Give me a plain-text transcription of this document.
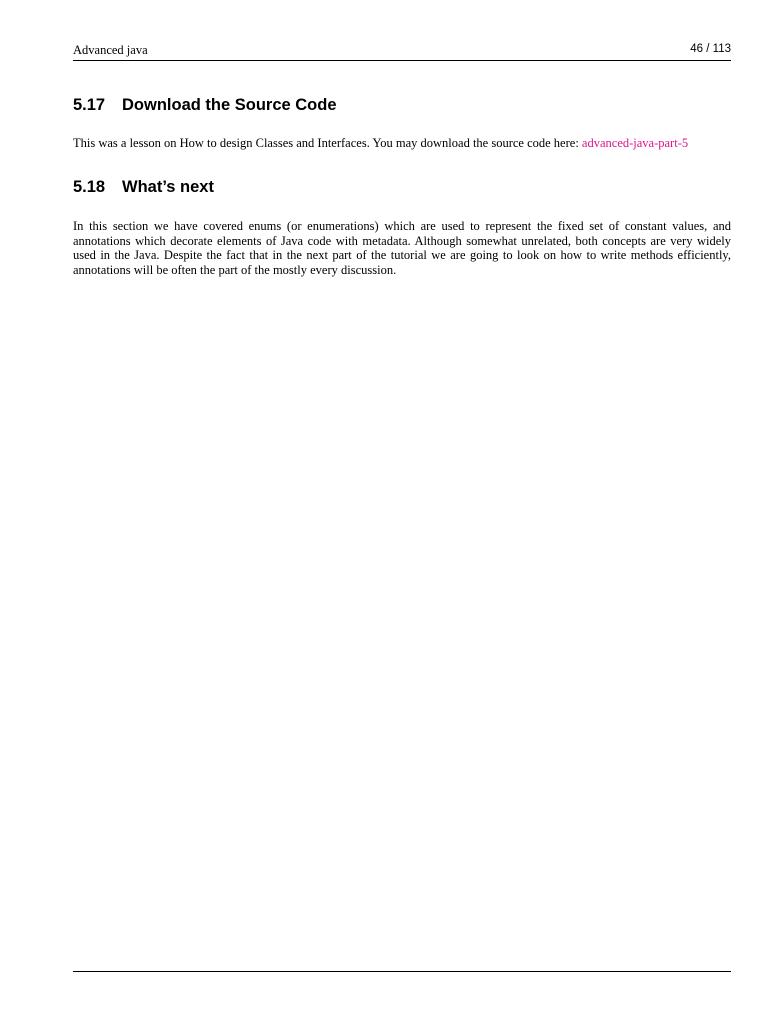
Advanced java	46 / 113
5.17 Download the Source Code
This was a lesson on How to design Classes and Interfaces. You may download the source code here: advanced-java-part-5
5.18 What’s next
In this section we have covered enums (or enumerations) which are used to represent the fixed set of constant values, and annotations which decorate elements of Java code with metadata. Although somewhat unrelated, both concepts are very widely used in the Java. Despite the fact that in the next part of the tutorial we are going to look on how to write methods efficiently, annotations will be often the part of the mostly every discussion.
